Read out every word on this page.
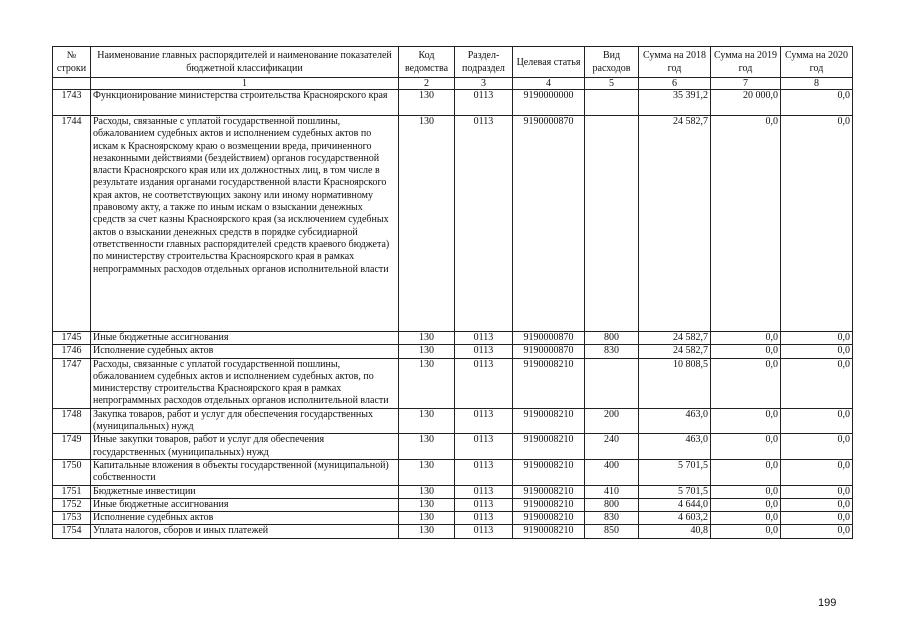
№ строки	Наименование главных распорядителей и наименование показателей бюджетной классификации	Код ведомства	Раздел-подраздел	Целевая статья	Вид расходов	Сумма на 2018 год	Сумма на 2019 год	Сумма на 2020 год
	1	2	3	4	5	6	7	8
1743	Функционирование министерства строительства Красноярского края	130	0113	9190000000		35 391,2	20 000,0	0,0
1744	Расходы, связанные с уплатой государственной пошлины, обжалованием судебных актов и исполнением судебных актов по искам к Красноярскому краю о возмещении вреда, причиненного незаконными действиями (бездействием) органов государственной власти Красноярского края или их должностных лиц, в том числе в результате издания органами государственной власти Красноярского края актов, не соответствующих закону или иному нормативному правовому акту, а также по иным искам о взыскании денежных средств за счет казны Красноярского края (за исключением судебных актов о взыскании денежных средств в порядке субсидиарной ответственности главных распорядителей средств краевого бюджета) по министерству строительства Красноярского края в рамках непрограммных расходов отдельных органов исполнительной власти	130	0113	9190000870		24 582,7	0,0	0,0
1745	Иные бюджетные ассигнования	130	0113	9190000870	800	24 582,7	0,0	0,0
1746	Исполнение судебных актов	130	0113	9190000870	830	24 582,7	0,0	0,0
1747	Расходы, связанные с уплатой государственной пошлины, обжалованием судебных актов и исполнением судебных актов, по министерству строительства Красноярского края в рамках непрограммных расходов отдельных органов исполнительной власти	130	0113	9190008210		10 808,5	0,0	0,0
1748	Закупка товаров, работ и услуг для обеспечения государственных (муниципальных) нужд	130	0113	9190008210	200	463,0	0,0	0,0
1749	Иные закупки товаров, работ и услуг для обеспечения государственных (муниципальных) нужд	130	0113	9190008210	240	463,0	0,0	0,0
1750	Капитальные вложения в объекты государственной (муниципальной) собственности	130	0113	9190008210	400	5 701,5	0,0	0,0
1751	Бюджетные инвестиции	130	0113	9190008210	410	5 701,5	0,0	0,0
1752	Иные бюджетные ассигнования	130	0113	9190008210	800	4 644,0	0,0	0,0
1753	Исполнение судебных актов	130	0113	9190008210	830	4 603,2	0,0	0,0
1754	Уплата налогов, сборов и иных платежей	130	0113	9190008210	850	40,8	0,0	0,0
199
